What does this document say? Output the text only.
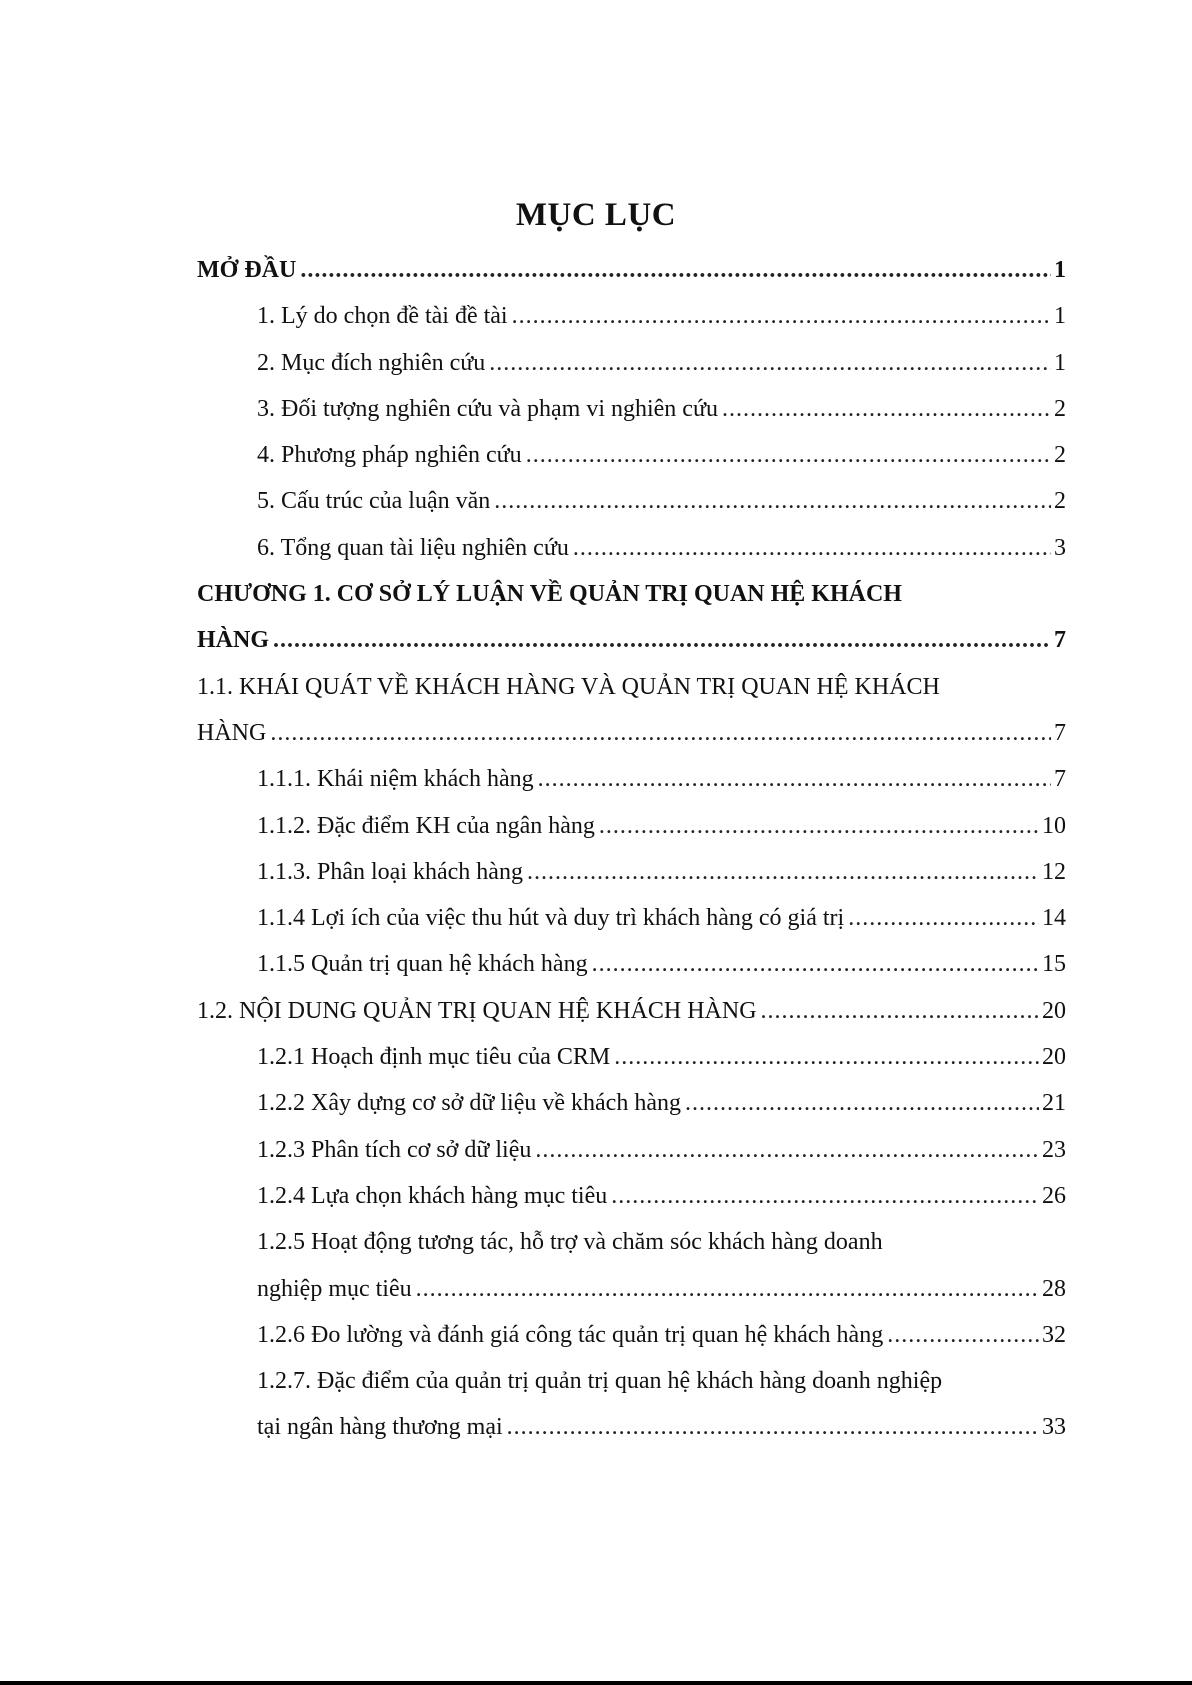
MỤC LỤC
MỞ ĐẦU .....	1
1. Lý do chọn đề tài đề tài .....	1
2. Mục đích nghiên cứu .....	1
3. Đối tượng nghiên cứu và phạm vi nghiên cứu .....	2
4. Phương pháp nghiên cứu .....	2
5. Cấu trúc của luận văn .....	2
6. Tổng quan tài liệu nghiên cứu .....	3
CHƯƠNG 1. CƠ SỞ LÝ LUẬN VỀ QUẢN TRỊ QUAN HỆ KHÁCH
HÀNG .....	7
1.1. KHÁI QUÁT VỀ KHÁCH HÀNG VÀ QUẢN TRỊ QUAN HỆ KHÁCH
HÀNG .....	7
1.1.1. Khái niệm khách hàng .....	7
1.1.2. Đặc điểm KH của ngân hàng .....	10
1.1.3. Phân loại khách hàng .....	12
1.1.4 Lợi ích của việc thu hút và duy trì khách hàng có giá trị .....	14
1.1.5 Quản trị quan hệ khách hàng .....	15
1.2. NỘI DUNG QUẢN TRỊ QUAN HỆ KHÁCH HÀNG .....	20
1.2.1 Hoạch định mục tiêu của CRM .....	20
1.2.2 Xây dựng cơ sở dữ liệu về khách hàng .....	21
1.2.3 Phân tích cơ sở dữ liệu .....	23
1.2.4 Lựa chọn khách hàng mục tiêu .....	26
1.2.5 Hoạt động tương tác, hỗ trợ và chăm sóc khách hàng doanh
nghiệp mục tiêu .....	28
1.2.6 Đo lường và đánh giá công tác quản trị quan hệ khách hàng .....	32
1.2.7. Đặc điểm của quản trị quản trị quan hệ khách hàng doanh nghiệp
tại ngân hàng thương mại .....	33
